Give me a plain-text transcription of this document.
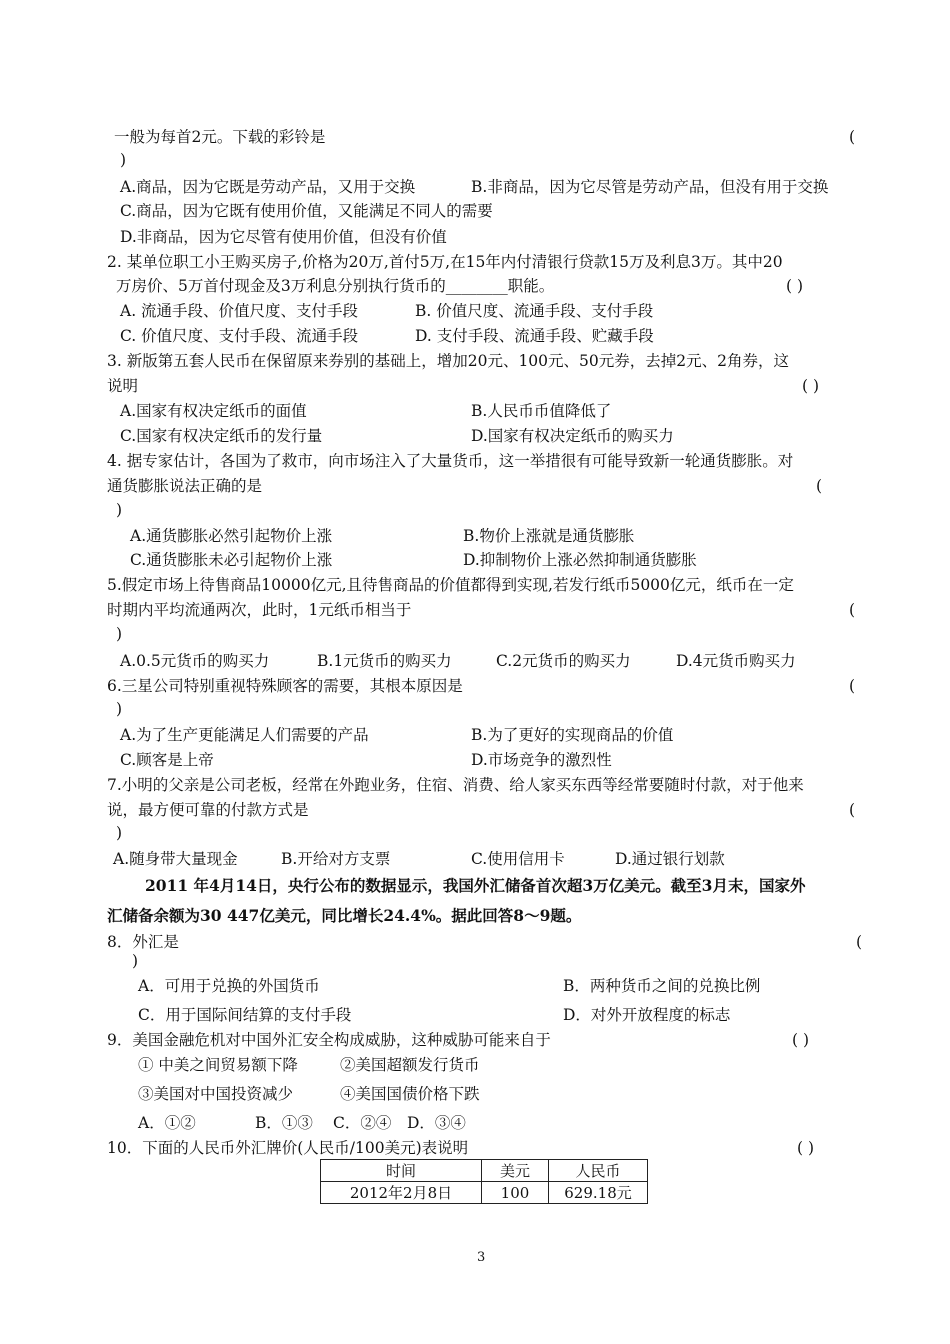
一般为每首2元。下载的彩铃是	(
)
A.商品，因为它既是劳动产品，又用于交换	B.非商品，因为它尽管是劳动产品，但没有用于交换
C.商品，因为它既有使用价值，又能满足不同人的需要
D.非商品，因为它尽管有使用价值，但没有价值
2. 某单位职工小王购买房子,价格为20万,首付5万,在15年内付清银行贷款15万及利息3万。其中20
万房价、5万首付现金及3万利息分别执行货币的________职能。	( )
A. 流通手段、价值尺度、支付手段	B. 价值尺度、流通手段、支付手段
C. 价值尺度、支付手段、流通手段	D. 支付手段、流通手段、贮藏手段
3. 新版第五套人民币在保留原来券别的基础上，增加20元、100元、50元券，去掉2元、2角券，这
说明	( )
A.国家有权决定纸币的面值	B.人民币币值降低了
C.国家有权决定纸币的发行量	D.国家有权决定纸币的购买力
4. 据专家估计，各国为了救市，向市场注入了大量货币，这一举措很有可能导致新一轮通货膨胀。对
通货膨胀说法正确的是	(
)
A.通货膨胀必然引起物价上涨	B.物价上涨就是通货膨胀
C.通货膨胀未必引起物价上涨	D.抑制物价上涨必然抑制通货膨胀
5.假定市场上待售商品10000亿元,且待售商品的价值都得到实现,若发行纸币5000亿元，纸币在一定
时期内平均流通两次，此时，1元纸币相当于	(
)
A.0.5元货币的购买力	B.1元货币的购买力	C.2元货币的购买力	D.4元货币购买力
6.三星公司特别重视特殊顾客的需要，其根本原因是	(
)
A.为了生产更能满足人们需要的产品	B.为了更好的实现商品的价值
C.顾客是上帝	D.市场竞争的激烈性
7.小明的父亲是公司老板，经常在外跑业务，住宿、消费、给人家买东西等经常要随时付款，对于他来
说，最方便可靠的付款方式是	(
)
A.随身带大量现金	B.开给对方支票	C.使用信用卡	D.通过银行划款
2011 年4月14日，央行公布的数据显示，我国外汇储备首次超3万亿美元。截至3月末，国家外
汇储备余额为30 447亿美元，同比增长24.4%。据此回答8～9题。
8．外汇是	(
)
A．可用于兑换的外国货币	B．两种货币之间的兑换比例
C．用于国际间结算的支付手段	D．对外开放程度的标志
9．美国金融危机对中国外汇安全构成威胁，这种威胁可能来自于	( )
① 中美之间贸易额下降	②美国超额发行货币
③美国对中国投资减少	④美国国债价格下跌
A．①②	B．①③ C．②④ D．③④
10．下面的人民币外汇牌价(人民币/100美元)表说明	( )
时间	美元	人民币
2012年2月8日	100	629.18元
3
